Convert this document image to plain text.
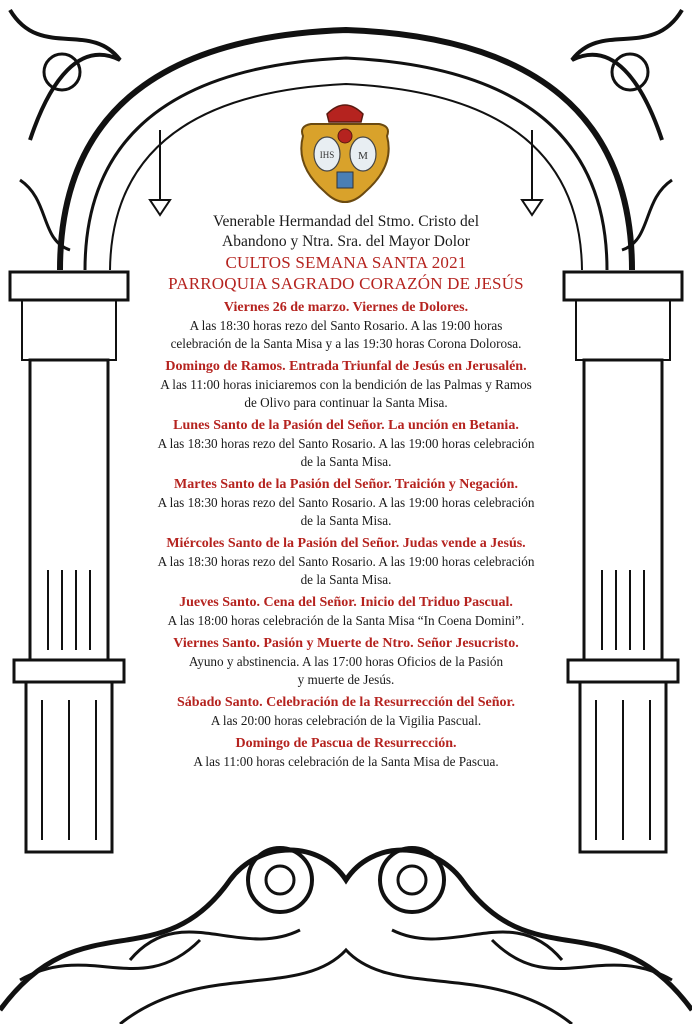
IHS M
Venerable Hermandad del Stmo. Cristo del
Abandono y Ntra. Sra. del Mayor Dolor
CULTOS SEMANA SANTA 2021
PARROQUIA SAGRADO CORAZÓN DE JESÚS
Viernes 26 de marzo. Viernes de Dolores.
A las 18:30 horas rezo del Santo Rosario. A las 19:00 horas
celebración de la Santa Misa y a las 19:30 horas Corona Dolorosa.
Domingo de Ramos. Entrada Triunfal de Jesús en Jerusalén.
A las 11:00 horas iniciaremos con la bendición de las Palmas y Ramos
de Olivo para continuar la Santa Misa.
Lunes Santo de la Pasión del Señor. La unción en Betania.
A las 18:30 horas rezo del Santo Rosario. A las 19:00 horas celebración
de la Santa Misa.
Martes Santo de la Pasión del Señor. Traición y Negación.
A las 18:30 horas rezo del Santo Rosario. A las 19:00 horas celebración
de la Santa Misa.
Miércoles Santo de la Pasión del Señor. Judas vende a Jesús.
A las 18:30 horas rezo del Santo Rosario. A las 19:00 horas celebración
de la Santa Misa.
Jueves Santo. Cena del Señor. Inicio del Triduo Pascual.
A las 18:00 horas celebración de la Santa Misa “In Coena Domini”.
Viernes Santo. Pasión y Muerte de Ntro. Señor Jesucristo.
Ayuno y abstinencia. A las 17:00 horas Oficios de la Pasión
y muerte de Jesús.
Sábado Santo. Celebración de la Resurrección del Señor.
A las 20:00 horas celebración de la Vigilia Pascual.
Domingo de Pascua de Resurrección.
A las 11:00 horas celebración de la Santa Misa de Pascua.
